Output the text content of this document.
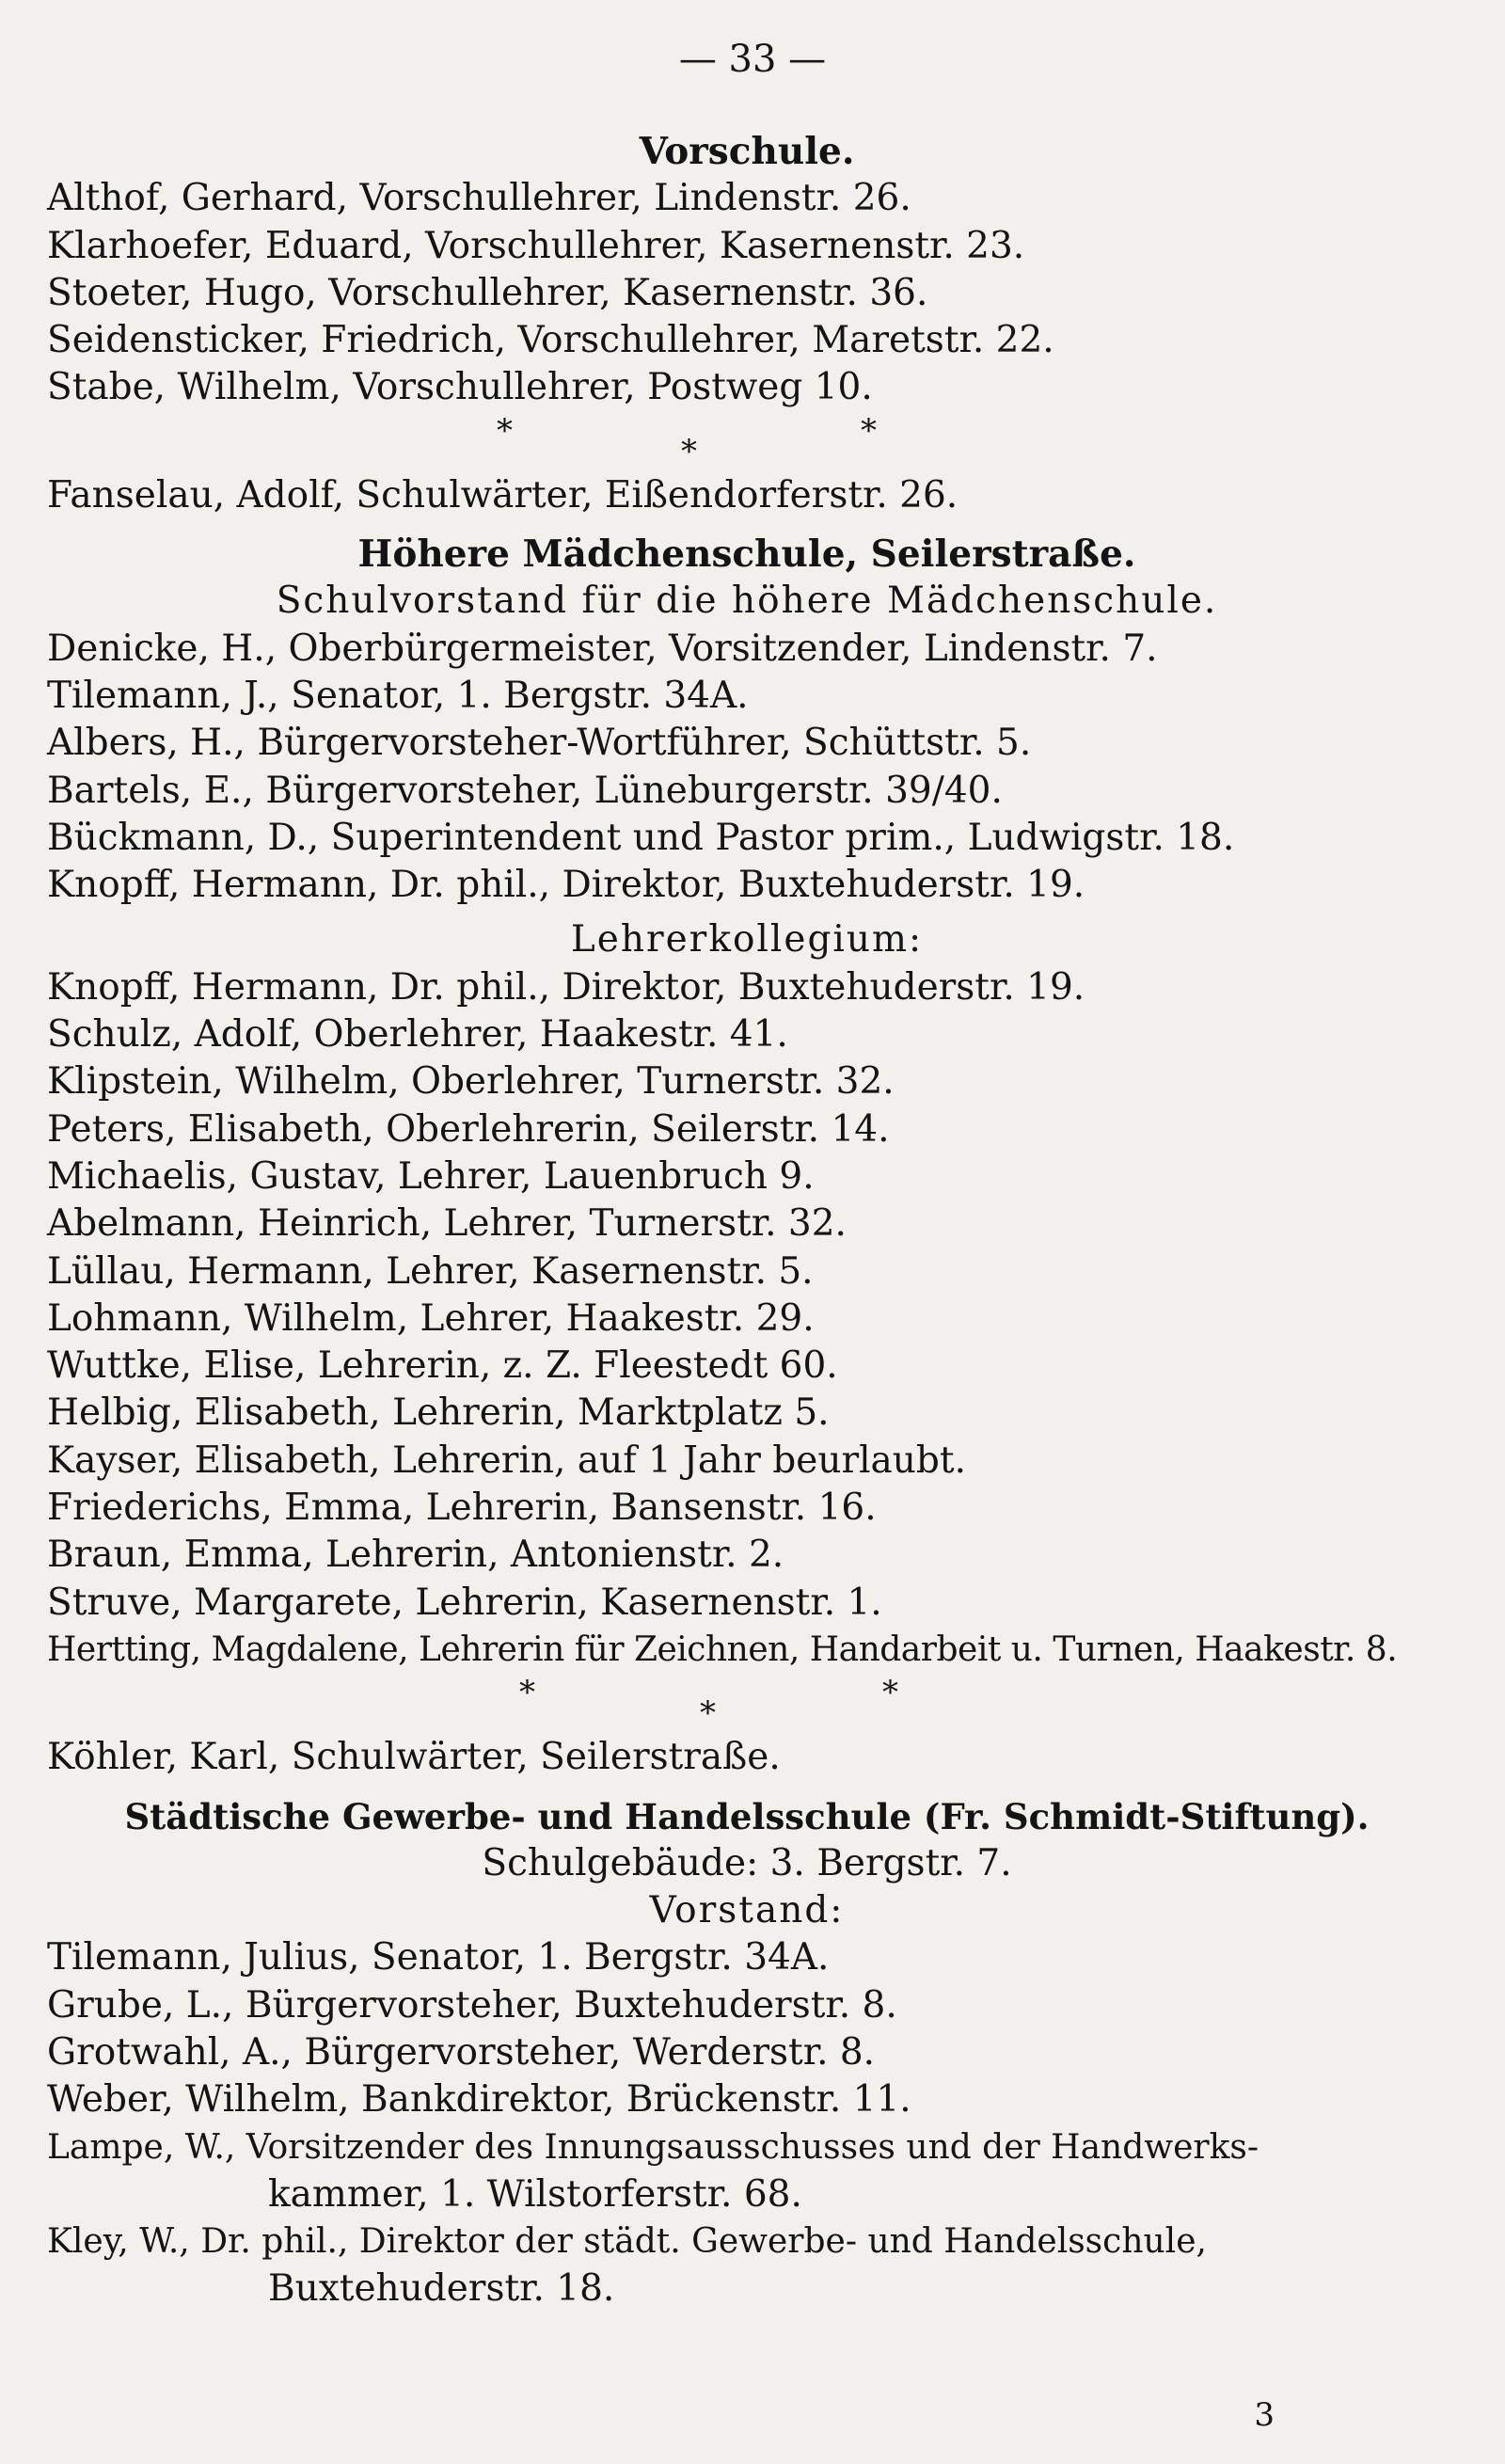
— 33 —
Vorschule.
Althof, Gerhard, Vorschullehrer, Lindenstr. 26.
Klarhoefer, Eduard, Vorschullehrer, Kasernenstr. 23.
Stoeter, Hugo, Vorschullehrer, Kasernenstr. 36.
Seidensticker, Friedrich, Vorschullehrer, Maretstr. 22.
Stabe, Wilhelm, Vorschullehrer, Postweg 10.
*
*
*
Fanselau, Adolf, Schulwärter, Eißendorferstr. 26.
Höhere Mädchenschule, Seilerstraße.
Schulvorstand für die höhere Mädchenschule.
Denicke, H., Oberbürgermeister, Vorsitzender, Lindenstr. 7.
Tilemann, J., Senator, 1. Bergstr. 34A.
Albers, H., Bürgervorsteher-Wortführer, Schüttstr. 5.
Bartels, E., Bürgervorsteher, Lüneburgerstr. 39/40.
Bückmann, D., Superintendent und Pastor prim., Ludwigstr. 18.
Knopff, Hermann, Dr. phil., Direktor, Buxtehuderstr. 19.
Lehrerkollegium:
Knopff, Hermann, Dr. phil., Direktor, Buxtehuderstr. 19.
Schulz, Adolf, Oberlehrer, Haakestr. 41.
Klipstein, Wilhelm, Oberlehrer, Turnerstr. 32.
Peters, Elisabeth, Oberlehrerin, Seilerstr. 14.
Michaelis, Gustav, Lehrer, Lauenbruch 9.
Abelmann, Heinrich, Lehrer, Turnerstr. 32.
Lüllau, Hermann, Lehrer, Kasernenstr. 5.
Lohmann, Wilhelm, Lehrer, Haakestr. 29.
Wuttke, Elise, Lehrerin, z. Z. Fleestedt 60.
Helbig, Elisabeth, Lehrerin, Marktplatz 5.
Kayser, Elisabeth, Lehrerin, auf 1 Jahr beurlaubt.
Friederichs, Emma, Lehrerin, Bansenstr. 16.
Braun, Emma, Lehrerin, Antonienstr. 2.
Struve, Margarete, Lehrerin, Kasernenstr. 1.
Hertting, Magdalene, Lehrerin für Zeichnen, Handarbeit u. Turnen, Haakestr. 8.
*
*
*
Köhler, Karl, Schulwärter, Seilerstraße.
Städtische Gewerbe- und Handelsschule (Fr. Schmidt-Stiftung).
Schulgebäude: 3. Bergstr. 7.
Vorstand:
Tilemann, Julius, Senator, 1. Bergstr. 34A.
Grube, L., Bürgervorsteher, Buxtehuderstr. 8.
Grotwahl, A., Bürgervorsteher, Werderstr. 8.
Weber, Wilhelm, Bankdirektor, Brückenstr. 11.
Lampe, W., Vorsitzender des Innungsausschusses und der Handwerks-
kammer, 1. Wilstorferstr. 68.
Kley, W., Dr. phil., Direktor der städt. Gewerbe- und Handelsschule,
Buxtehuderstr. 18.
3
